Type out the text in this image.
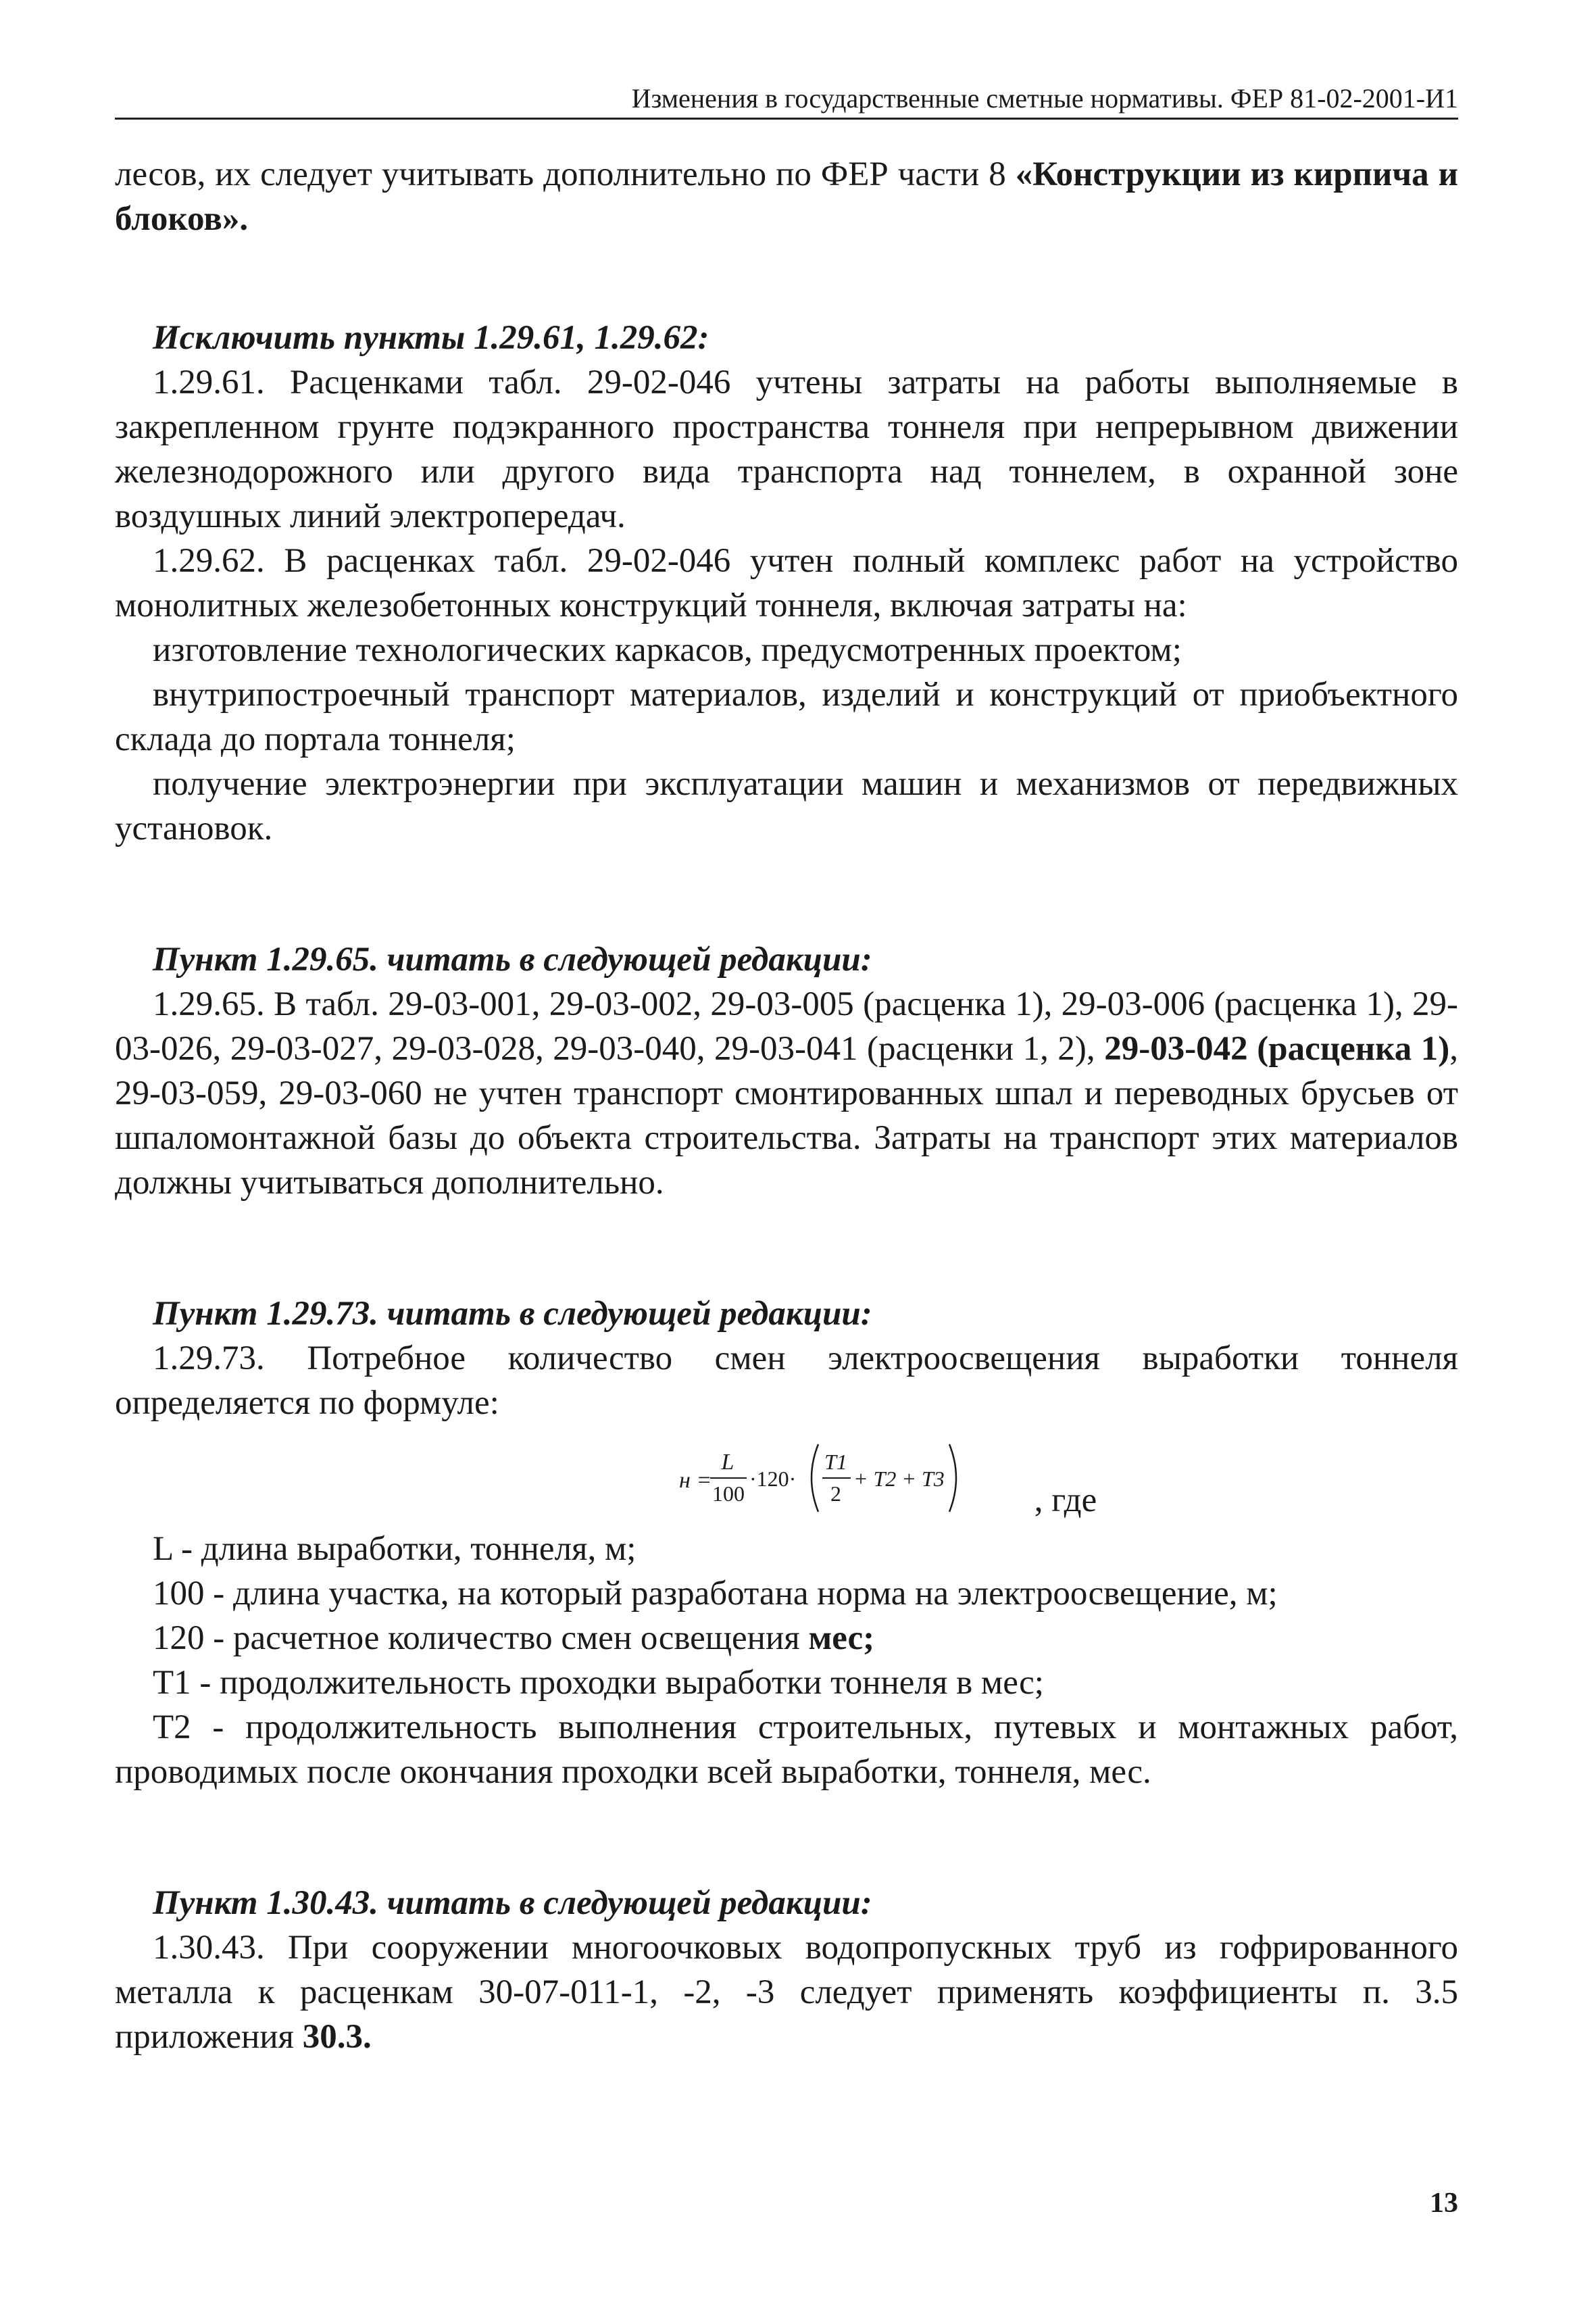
Изменения в государственные сметные нормативы. ФЕР 81-02-2001-И1

лесов, их следует учитывать дополнительно по ФЕР части 8 «Конструкции из кирпича и блоков».

Исключить пункты 1.29.61, 1.29.62:

1.29.61. Расценками табл. 29-02-046 учтены затраты на работы выполняемые в закрепленном грунте подэкранного пространства тоннеля при непрерывном движении железнодорожного или другого вида транспорта над тоннелем, в охранной зоне воздушных линий электропередач.

1.29.62. В расценках табл. 29-02-046 учтен полный комплекс работ на устройство монолитных железобетонных конструкций тоннеля, включая затраты на:

изготовление технологических каркасов, предусмотренных проектом;

внутрипостроечный транспорт материалов, изделий и конструкций от приобъектного склада до портала тоннеля;

получение электроэнергии при эксплуатации машин и механизмов от передвижных установок.

Пункт 1.29.65. читать в следующей редакции:

1.29.65. В табл. 29-03-001, 29-03-002, 29-03-005 (расценка 1), 29-03-006 (расценка 1), 29-03-026, 29-03-027, 29-03-028, 29-03-040, 29-03-041 (расценки 1, 2), 29-03-042 (расценка 1), 29-03-059, 29-03-060 не учтен транспорт смонтированных шпал и переводных брусьев от шпаломонтажной базы до объекта строительства. Затраты на транспорт этих материалов должны учитываться дополнительно.

Пункт 1.29.73. читать в следующей редакции:

1.29.73. Потребное количество смен электроосвещения выработки тоннеля определяется по формуле:

н =
L
100
·120·
T1
2
+ T2 + T3
, где

L - длина выработки, тоннеля, м;

100 - длина участка, на который разработана норма на электроосвещение, м;

120 - расчетное количество смен освещения мес;

T1 - продолжительность проходки выработки тоннеля в мес;

T2 - продолжительность выполнения строительных, путевых и монтажных работ, проводимых после окончания проходки всей выработки, тоннеля, мес.

Пункт 1.30.43. читать в следующей редакции:

1.30.43. При сооружении многоочковых водопропускных труб из гофрированного металла к расценкам 30-07-011-1, -2, -3 следует применять коэффициенты п. 3.5 приложения 30.3.

13
